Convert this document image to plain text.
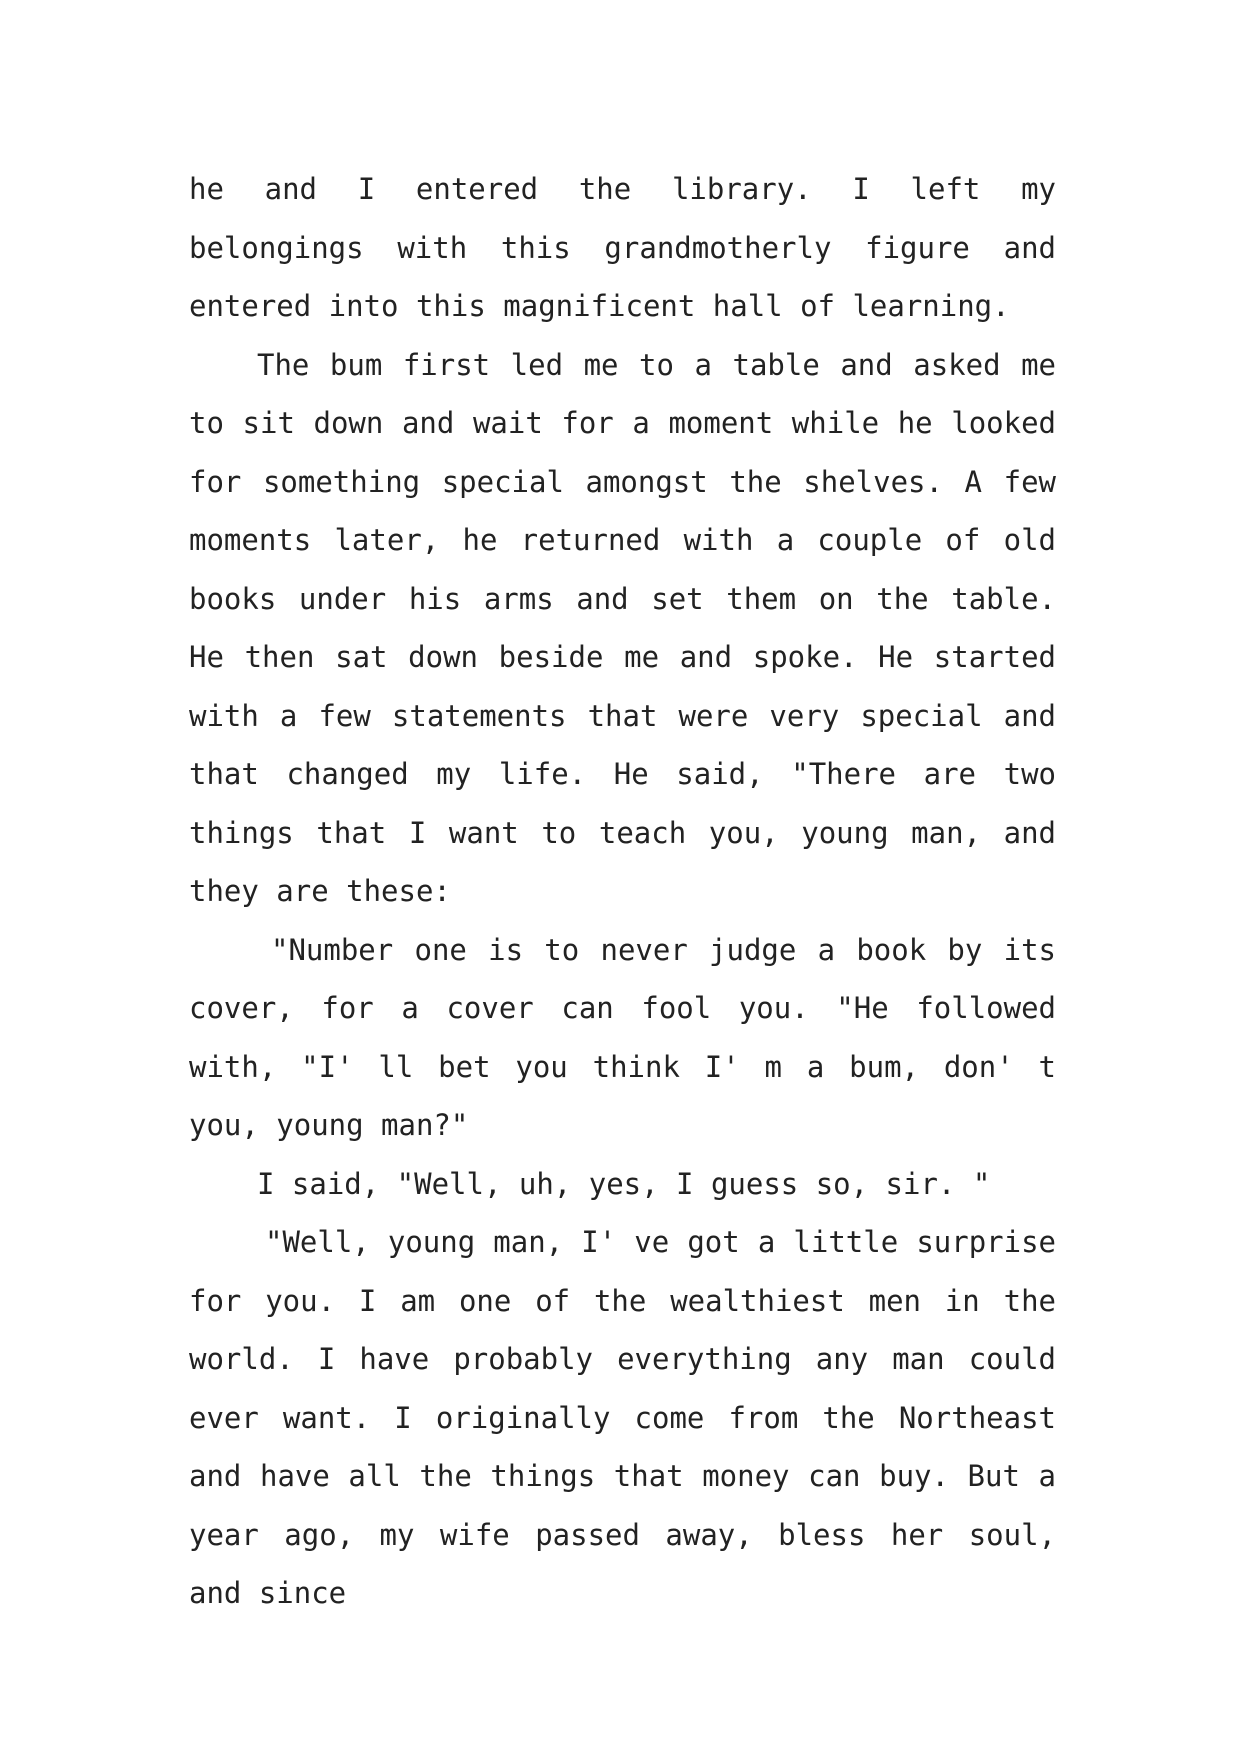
he and I entered the library. I left my belongings with this grandmotherly figure and entered into this magnificent hall of learning.

The bum first led me to a table and asked me to sit down and wait for a moment while he looked for something special amongst the shelves. A few moments later, he returned with a couple of old books under his arms and set them on the table. He then sat down beside me and spoke. He started with a few statements that were very special and that changed my life. He said, "There are two things that I want to teach you, young man, and they are these:

"Number one is to never judge a book by its cover, for a cover can fool you. "He followed with, "I' ll bet you think I' m a bum, don' t you, young man?"

I said, "Well, uh, yes, I guess so, sir. "

"Well, young man, I' ve got a little surprise for you. I am one of the wealthiest men in the world. I have probably everything any man could ever want. I originally come from the Northeast and have all the things that money can buy. But a year ago, my wife passed away, bless her soul, and since
